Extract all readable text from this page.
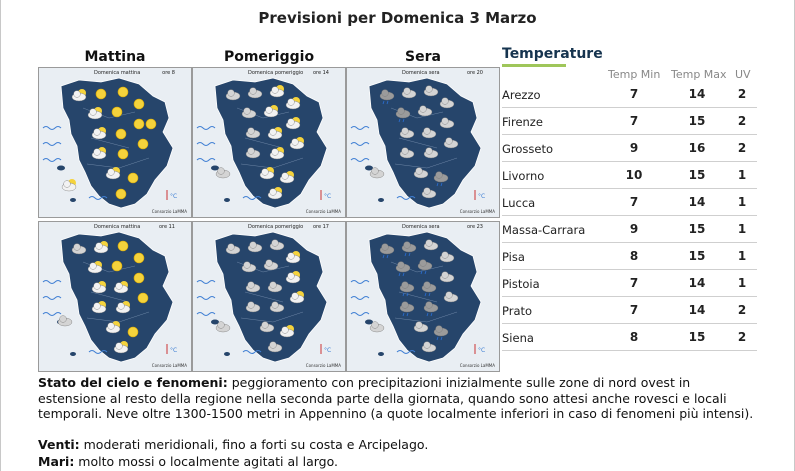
Previsioni per Domenica 3 Marzo
Mattina	Pomeriggio	Sera
°C
Domenica mattina	ore 8
Consorzio LaMMA
°C
Domenica pomeriggio ore 14
Consorzio LaMMA
°C
Domenica sera	ore 20
Consorzio LaMMA
°C
Domenica mattina	ore 11
Consorzio LaMMA
°C
Domenica pomeriggio ore 17
Consorzio LaMMA
°C
Domenica sera	ore 23
Consorzio LaMMA
Temperature
Temp Min Temp Max UV
Arezzo	7	14	2
Firenze	7	15	2
Grosseto	9	16	2
Livorno	10	15	1
Lucca	7	14	1
Massa-Carrara	9	15	1
Pisa	8	15	1
Pistoia	7	14	1
Prato	7	14	2
Siena	8	15	2
Stato del cielo e fenomeni: peggioramento con precipitazioni inizialmente sulle zone di nord ovest in estensione al resto della regione nella seconda parte della giornata, quando sono attesi anche rovesci e locali temporali. Neve oltre 1300-1500 metri in Appennino (a quote localmente inferiori in caso di fenomeni più intensi).
Venti: moderati meridionali, fino a forti su costa e Arcipelago.
Mari: molto mossi o localmente agitati al largo.
